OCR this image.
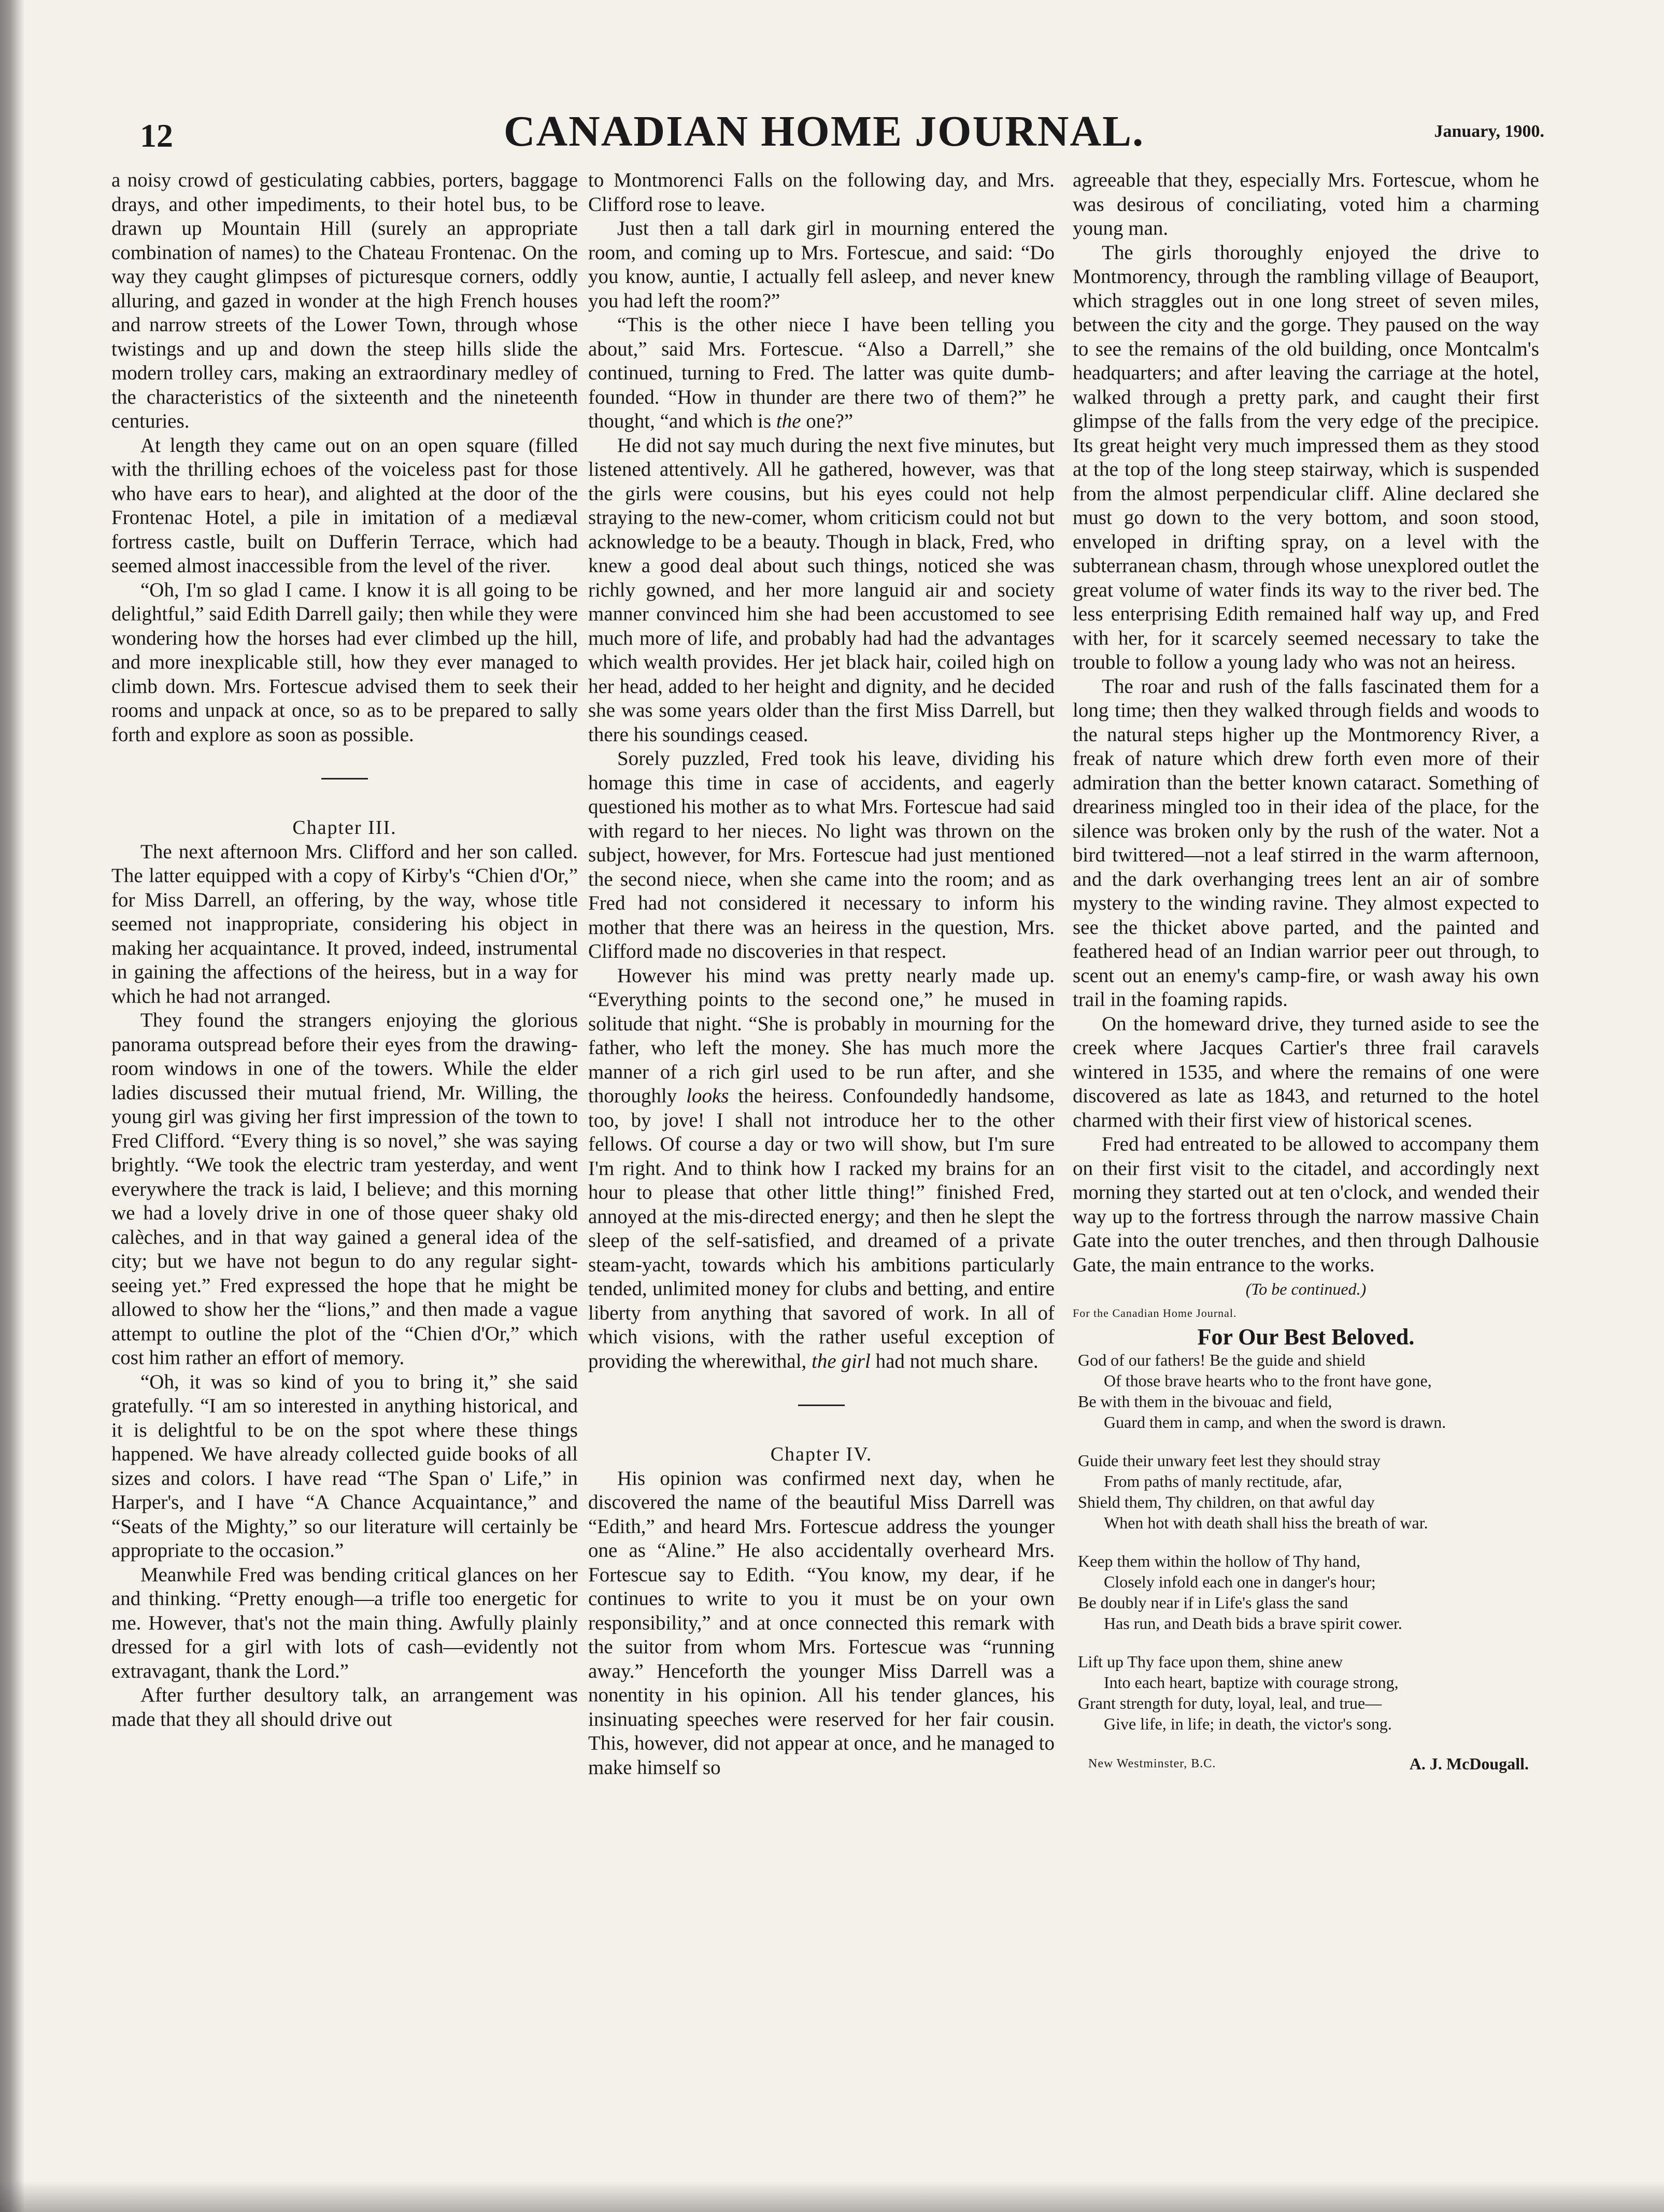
12	CANADIAN HOME JOURNAL.	January, 1900.

a noisy crowd of gesticulating cabbies, porters, baggage drays, and other impediments, to their hotel bus, to be drawn up Mountain Hill (surely an appropriate combination of names) to the Chateau Frontenac. On the way they caught glimpses of picturesque corners, oddly alluring, and gazed in wonder at the high French houses and narrow streets of the Lower Town, through whose twistings and up and down the steep hills slide the modern trolley cars, making an extraordinary medley of the characteristics of the sixteenth and the nineteenth centuries.

At length they came out on an open square (filled with the thrilling echoes of the voiceless past for those who have ears to hear), and alighted at the door of the Frontenac Hotel, a pile in imitation of a mediæval fortress castle, built on Dufferin Terrace, which had seemed almost inaccessible from the level of the river.

“Oh, I'm so glad I came. I know it is all going to be delightful,” said Edith Darrell gaily; then while they were wondering how the horses had ever climbed up the hill, and more inexplicable still, how they ever managed to climb down. Mrs. Fortescue advised them to seek their rooms and unpack at once, so as to be prepared to sally forth and explore as soon as possible.

Chapter III.

The next afternoon Mrs. Clifford and her son called. The latter equipped with a copy of Kirby's “Chien d'Or,” for Miss Darrell, an offering, by the way, whose title seemed not inappropriate, considering his object in making her acquaintance. It proved, indeed, instrumental in gaining the affections of the heiress, but in a way for which he had not arranged.

They found the strangers enjoying the glorious panorama outspread before their eyes from the drawing-room windows in one of the towers. While the elder ladies discussed their mutual friend, Mr. Willing, the young girl was giving her first impression of the town to Fred Clifford. “Every thing is so novel,” she was saying brightly. “We took the electric tram yesterday, and went everywhere the track is laid, I believe; and this morning we had a lovely drive in one of those queer shaky old calèches, and in that way gained a general idea of the city; but we have not begun to do any regular sight-seeing yet.” Fred expressed the hope that he might be allowed to show her the “lions,” and then made a vague attempt to outline the plot of the “Chien d'Or,” which cost him rather an effort of memory.

“Oh, it was so kind of you to bring it,” she said gratefully. “I am so interested in anything historical, and it is delightful to be on the spot where these things happened. We have already collected guide books of all sizes and colors. I have read “The Span o' Life,” in Harper's, and I have “A Chance Acquaintance,” and “Seats of the Mighty,” so our literature will certainly be appropriate to the occasion.”

Meanwhile Fred was bending critical glances on her and thinking. “Pretty enough—a trifle too energetic for me. However, that's not the main thing. Awfully plainly dressed for a girl with lots of cash—evidently not extravagant, thank the Lord.”

After further desultory talk, an arrangement was made that they all should drive out

to Montmorenci Falls on the following day, and Mrs. Clifford rose to leave.

Just then a tall dark girl in mourning entered the room, and coming up to Mrs. Fortescue, and said: “Do you know, auntie, I actually fell asleep, and never knew you had left the room?”

“This is the other niece I have been telling you about,” said Mrs. Fortescue. “Also a Darrell,” she continued, turning to Fred. The latter was quite dumb-founded. “How in thunder are there two of them?” he thought, “and which is the one?”

He did not say much during the next five minutes, but listened attentively. All he gathered, however, was that the girls were cousins, but his eyes could not help straying to the new-comer, whom criticism could not but acknowledge to be a beauty. Though in black, Fred, who knew a good deal about such things, noticed she was richly gowned, and her more languid air and society manner convinced him she had been accustomed to see much more of life, and probably had had the advantages which wealth provides. Her jet black hair, coiled high on her head, added to her height and dignity, and he decided she was some years older than the first Miss Darrell, but there his soundings ceased.

Sorely puzzled, Fred took his leave, dividing his homage this time in case of accidents, and eagerly questioned his mother as to what Mrs. Fortescue had said with regard to her nieces. No light was thrown on the subject, however, for Mrs. Fortescue had just mentioned the second niece, when she came into the room; and as Fred had not considered it necessary to inform his mother that there was an heiress in the question, Mrs. Clifford made no discoveries in that respect.

However his mind was pretty nearly made up. “Everything points to the second one,” he mused in solitude that night. “She is probably in mourning for the father, who left the money. She has much more the manner of a rich girl used to be run after, and she thoroughly looks the heiress. Confoundedly handsome, too, by jove! I shall not introduce her to the other fellows. Of course a day or two will show, but I'm sure I'm right. And to think how I racked my brains for an hour to please that other little thing!” finished Fred, annoyed at the mis-directed energy; and then he slept the sleep of the self-satisfied, and dreamed of a private steam-yacht, towards which his ambitions particularly tended, unlimited money for clubs and betting, and entire liberty from anything that savored of work. In all of which visions, with the rather useful exception of providing the wherewithal, the girl had not much share.

Chapter IV.

His opinion was confirmed next day, when he discovered the name of the beautiful Miss Darrell was “Edith,” and heard Mrs. Fortescue address the younger one as “Aline.” He also accidentally overheard Mrs. Fortescue say to Edith. “You know, my dear, if he continues to write to you it must be on your own responsibility,” and at once connected this remark with the suitor from whom Mrs. Fortescue was “running away.” Henceforth the younger Miss Darrell was a nonentity in his opinion. All his tender glances, his insinuating speeches were reserved for her fair cousin. This, however, did not appear at once, and he managed to make himself so

agreeable that they, especially Mrs. Fortescue, whom he was desirous of conciliating, voted him a charming young man.

The girls thoroughly enjoyed the drive to Montmorency, through the rambling village of Beauport, which straggles out in one long street of seven miles, between the city and the gorge. They paused on the way to see the remains of the old building, once Montcalm's headquarters; and after leaving the carriage at the hotel, walked through a pretty park, and caught their first glimpse of the falls from the very edge of the precipice. Its great height very much impressed them as they stood at the top of the long steep stairway, which is suspended from the almost perpendicular cliff. Aline declared she must go down to the very bottom, and soon stood, enveloped in drifting spray, on a level with the subterranean chasm, through whose unexplored outlet the great volume of water finds its way to the river bed. The less enterprising Edith remained half way up, and Fred with her, for it scarcely seemed necessary to take the trouble to follow a young lady who was not an heiress.

The roar and rush of the falls fascinated them for a long time; then they walked through fields and woods to the natural steps higher up the Montmorency River, a freak of nature which drew forth even more of their admiration than the better known cataract. Something of dreariness mingled too in their idea of the place, for the silence was broken only by the rush of the water. Not a bird twittered—not a leaf stirred in the warm afternoon, and the dark overhanging trees lent an air of sombre mystery to the winding ravine. They almost expected to see the thicket above parted, and the painted and feathered head of an Indian warrior peer out through, to scent out an enemy's camp-fire, or wash away his own trail in the foaming rapids.

On the homeward drive, they turned aside to see the creek where Jacques Cartier's three frail caravels wintered in 1535, and where the remains of one were discovered as late as 1843, and returned to the hotel charmed with their first view of historical scenes.

Fred had entreated to be allowed to accompany them on their first visit to the citadel, and accordingly next morning they started out at ten o'clock, and wended their way up to the fortress through the narrow massive Chain Gate into the outer trenches, and then through Dalhousie Gate, the main entrance to the works.

(To be continued.)

For the Canadian Home Journal.

For Our Best Beloved.

God of our fathers! Be the guide and shield
Of those brave hearts who to the front have gone,
Be with them in the bivouac and field,
Guard them in camp, and when the sword is drawn.
Guide their unwary feet lest they should stray
From paths of manly rectitude, afar,
Shield them, Thy children, on that awful day
When hot with death shall hiss the breath of war.
Keep them within the hollow of Thy hand,
Closely infold each one in danger's hour;
Be doubly near if in Life's glass the sand
Has run, and Death bids a brave spirit cower.
Lift up Thy face upon them, shine anew
Into each heart, baptize with courage strong,
Grant strength for duty, loyal, leal, and true—
Give life, in life; in death, the victor's song.
New Westminster, B.C.	A. J. McDougall.
